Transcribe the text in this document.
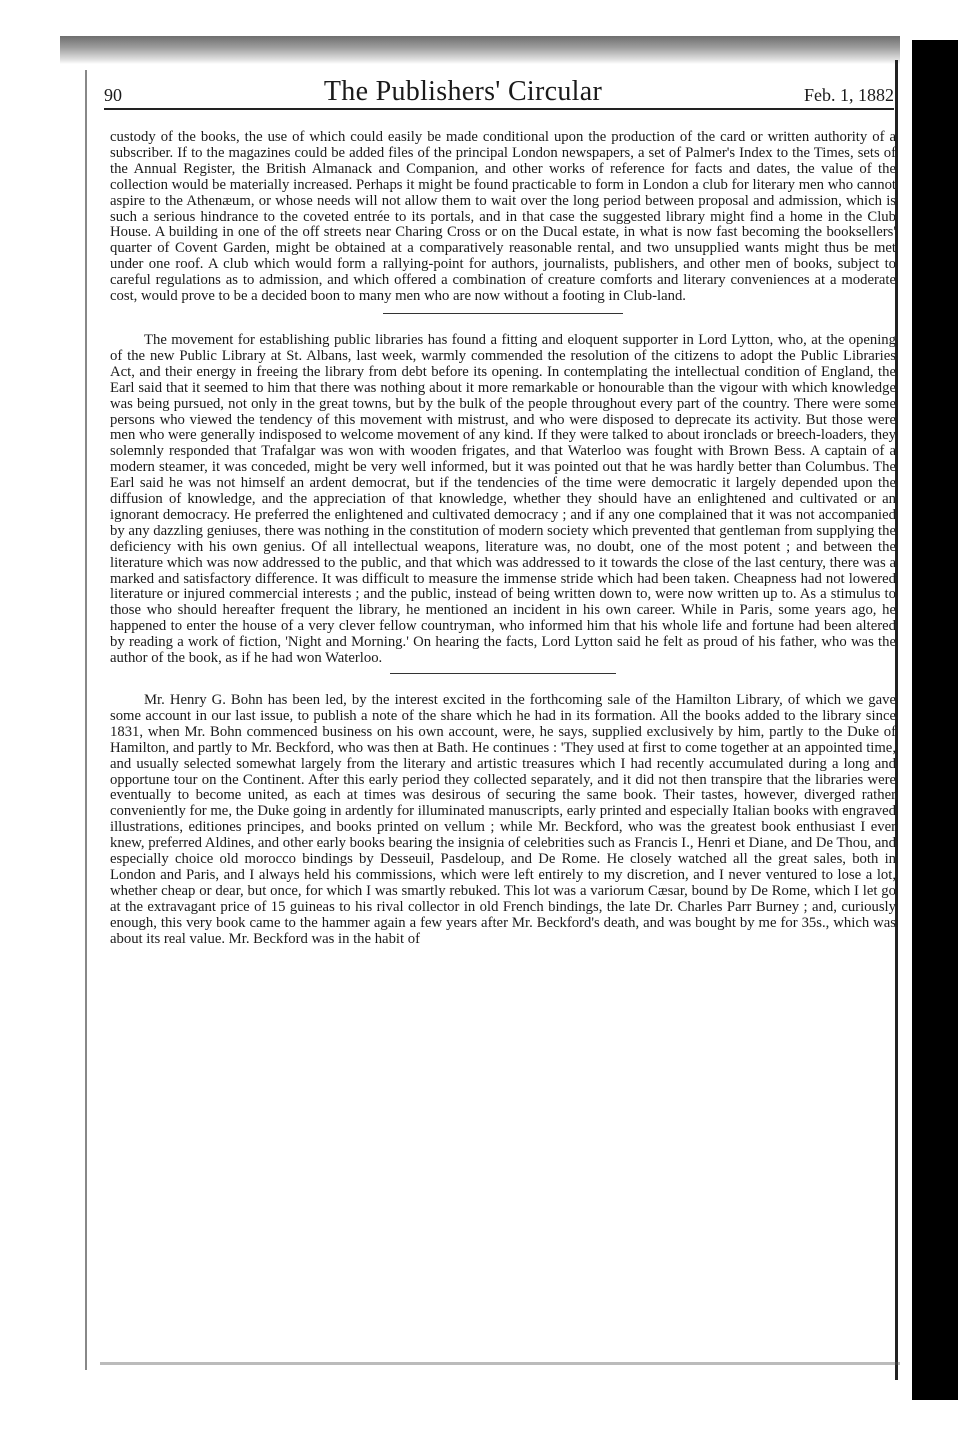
90	The Publishers' Circular	Feb. 1, 1882

custody of the books, the use of which could easily be made conditional upon the production of the card or written authority of a subscriber. If to the magazines could be added files of the principal London newspapers, a set of Palmer's Index to the Times, sets of the Annual Register, the British Almanack and Companion, and other works of reference for facts and dates, the value of the collection would be materially increased. Perhaps it might be found practicable to form in London a club for literary men who cannot aspire to the Athenæum, or whose needs will not allow them to wait over the long period between proposal and admission, which is such a serious hindrance to the coveted entrée to its portals, and in that case the suggested library might find a home in the Club House. A building in one of the off streets near Charing Cross or on the Ducal estate, in what is now fast becoming the booksellers' quarter of Covent Garden, might be obtained at a comparatively reasonable rental, and two unsupplied wants might thus be met under one roof. A club which would form a rallying-point for authors, journalists, publishers, and other men of books, subject to careful regulations as to admission, and which offered a combination of creature comforts and literary conveniences at a moderate cost, would prove to be a decided boon to many men who are now without a footing in Club-land.

The movement for establishing public libraries has found a fitting and eloquent supporter in Lord Lytton, who, at the opening of the new Public Library at St. Albans, last week, warmly commended the resolution of the citizens to adopt the Public Libraries Act, and their energy in freeing the library from debt before its opening. In contemplating the intellectual condition of England, the Earl said that it seemed to him that there was nothing about it more remarkable or honourable than the vigour with which knowledge was being pursued, not only in the great towns, but by the bulk of the people throughout every part of the country. There were some persons who viewed the tendency of this movement with mistrust, and who were disposed to deprecate its activity. But those were men who were generally indisposed to welcome movement of any kind. If they were talked to about ironclads or breech-loaders, they solemnly responded that Trafalgar was won with wooden frigates, and that Waterloo was fought with Brown Bess. A captain of a modern steamer, it was conceded, might be very well informed, but it was pointed out that he was hardly better than Columbus. The Earl said he was not himself an ardent democrat, but if the tendencies of the time were democratic it largely depended upon the diffusion of knowledge, and the appreciation of that knowledge, whether they should have an enlightened and cultivated or an ignorant democracy. He preferred the enlightened and cultivated democracy ; and if any one complained that it was not accompanied by any dazzling geniuses, there was nothing in the constitution of modern society which prevented that gentleman from supplying the deficiency with his own genius. Of all intellectual weapons, literature was, no doubt, one of the most potent ; and between the literature which was now addressed to the public, and that which was addressed to it towards the close of the last century, there was a marked and satisfactory difference. It was difficult to measure the immense stride which had been taken. Cheapness had not lowered literature or injured commercial interests ; and the public, instead of being written down to, were now written up to. As a stimulus to those who should hereafter frequent the library, he mentioned an incident in his own career. While in Paris, some years ago, he happened to enter the house of a very clever fellow countryman, who informed him that his whole life and fortune had been altered by reading a work of fiction, 'Night and Morning.' On hearing the facts, Lord Lytton said he felt as proud of his father, who was the author of the book, as if he had won Waterloo.

Mr. Henry G. Bohn has been led, by the interest excited in the forthcoming sale of the Hamilton Library, of which we gave some account in our last issue, to publish a note of the share which he had in its formation. All the books added to the library since 1831, when Mr. Bohn commenced business on his own account, were, he says, supplied exclusively by him, partly to the Duke of Hamilton, and partly to Mr. Beckford, who was then at Bath. He continues : 'They used at first to come together at an appointed time, and usually selected somewhat largely from the literary and artistic treasures which I had recently accumulated during a long and opportune tour on the Continent. After this early period they collected separately, and it did not then transpire that the libraries were eventually to become united, as each at times was desirous of securing the same book. Their tastes, however, diverged rather conveniently for me, the Duke going in ardently for illuminated manuscripts, early printed and especially Italian books with engraved illustrations, editiones principes, and books printed on vellum ; while Mr. Beckford, who was the greatest book enthusiast I ever knew, preferred Aldines, and other early books bearing the insignia of celebrities such as Francis I., Henri et Diane, and De Thou, and especially choice old morocco bindings by Desseuil, Pasdeloup, and De Rome. He closely watched all the great sales, both in London and Paris, and I always held his commissions, which were left entirely to my discretion, and I never ventured to lose a lot, whether cheap or dear, but once, for which I was smartly rebuked. This lot was a variorum Cæsar, bound by De Rome, which I let go at the extravagant price of 15 guineas to his rival collector in old French bindings, the late Dr. Charles Parr Burney ; and, curiously enough, this very book came to the hammer again a few years after Mr. Beckford's death, and was bought by me for 35s., which was about its real value. Mr. Beckford was in the habit of
